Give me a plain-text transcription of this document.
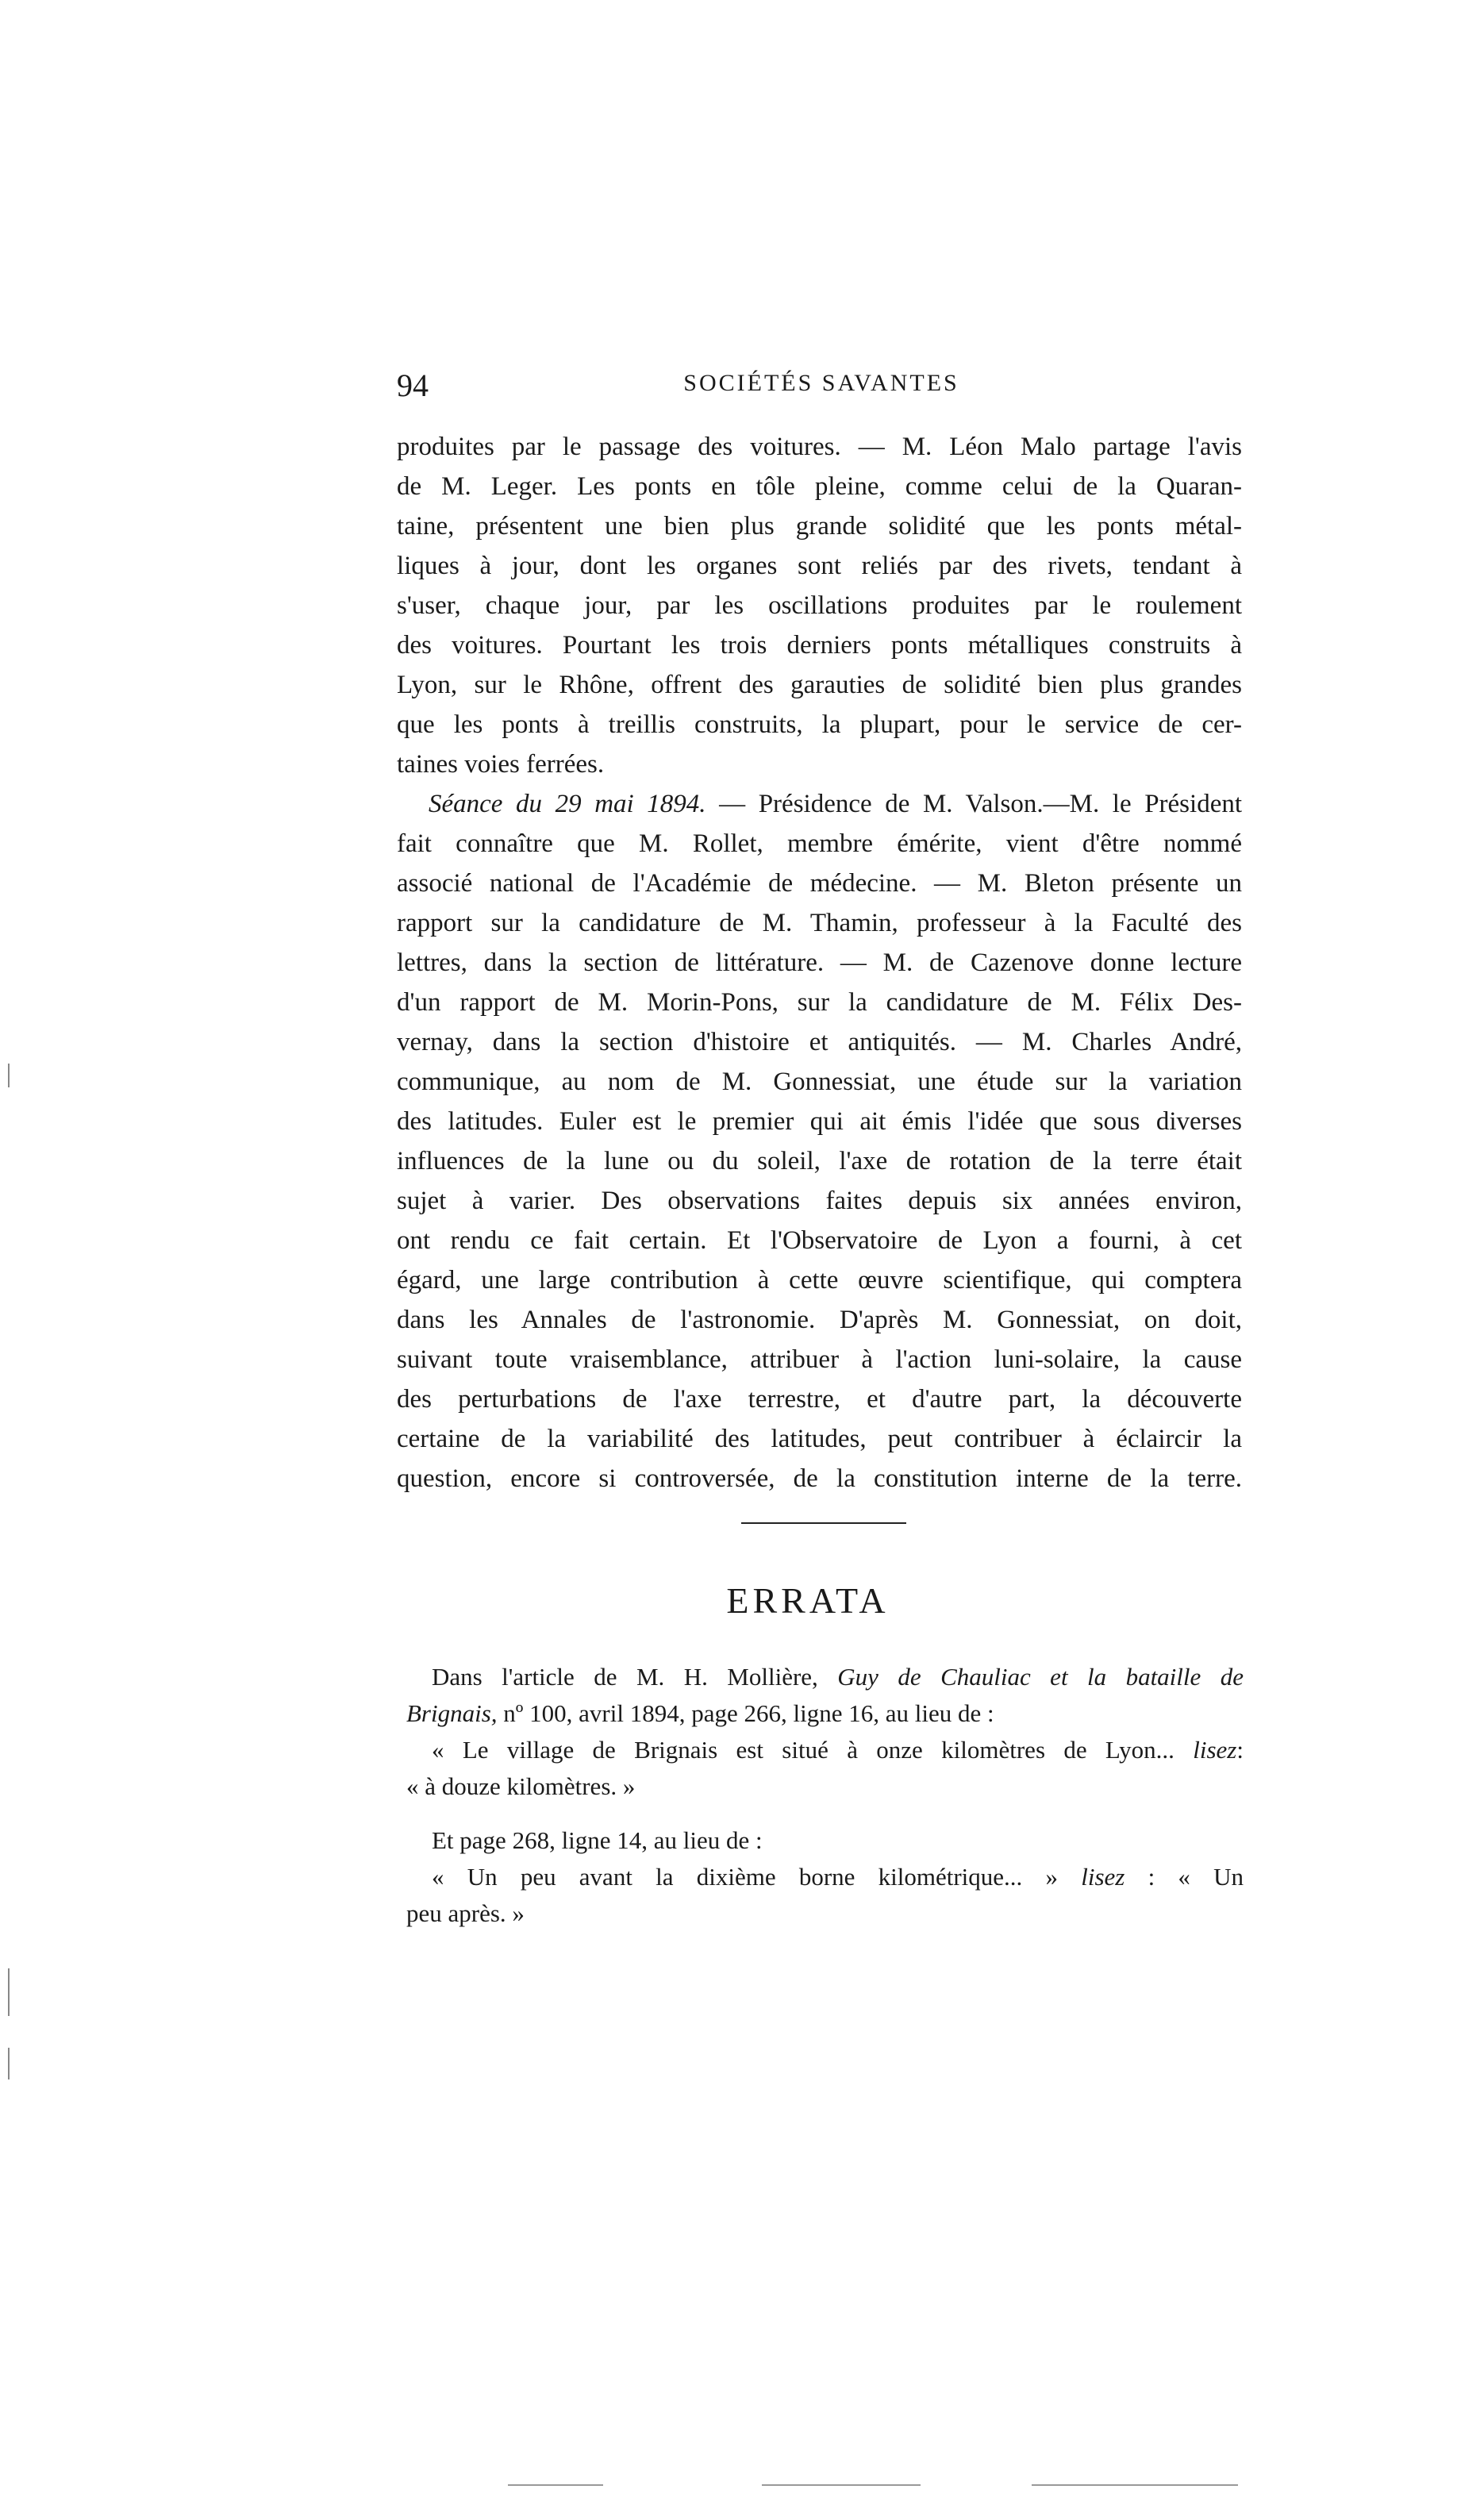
94	SOCIÉTÉS SAVANTES
produites par le passage des voitures. — M. Léon Malo partage l'avis
de M. Leger. Les ponts en tôle pleine, comme celui de la Quaran-
taine, présentent une bien plus grande solidité que les ponts métal-
liques à jour, dont les organes sont reliés par des rivets, tendant à
s'user, chaque jour, par les oscillations produites par le roulement
des voitures. Pourtant les trois derniers ponts métalliques construits à
Lyon, sur le Rhône, offrent des garauties de solidité bien plus grandes
que les ponts à treillis construits, la plupart, pour le service de cer-
taines voies ferrées.
Séance du 29 mai 1894. — Présidence de M. Valson.—M. le Président
fait connaître que M. Rollet, membre émérite, vient d'être nommé
associé national de l'Académie de médecine. — M. Bleton présente un
rapport sur la candidature de M. Thamin, professeur à la Faculté des
lettres, dans la section de littérature. — M. de Cazenove donne lecture
d'un rapport de M. Morin-Pons, sur la candidature de M. Félix Des-
vernay, dans la section d'histoire et antiquités. — M. Charles André,
communique, au nom de M. Gonnessiat, une étude sur la variation
des latitudes. Euler est le premier qui ait émis l'idée que sous diverses
influences de la lune ou du soleil, l'axe de rotation de la terre était
sujet à varier. Des observations faites depuis six années environ,
ont rendu ce fait certain. Et l'Observatoire de Lyon a fourni, à cet
égard, une large contribution à cette œuvre scientifique, qui comptera
dans les Annales de l'astronomie. D'après M. Gonnessiat, on doit,
suivant toute vraisemblance, attribuer à l'action luni-solaire, la cause
des perturbations de l'axe terrestre, et d'autre part, la découverte
certaine de la variabilité des latitudes, peut contribuer à éclaircir la
question, encore si controversée, de la constitution interne de la terre.
ERRATA
Dans l'article de M. H. Mollière, Guy de Chauliac et la bataille de
Brignais, nº 100, avril 1894, page 266, ligne 16, au lieu de :
« Le village de Brignais est situé à onze kilomètres de Lyon... lisez:
« à douze kilomètres. »
Et page 268, ligne 14, au lieu de :
« Un peu avant la dixième borne kilométrique... » lisez : « Un
peu après. »
